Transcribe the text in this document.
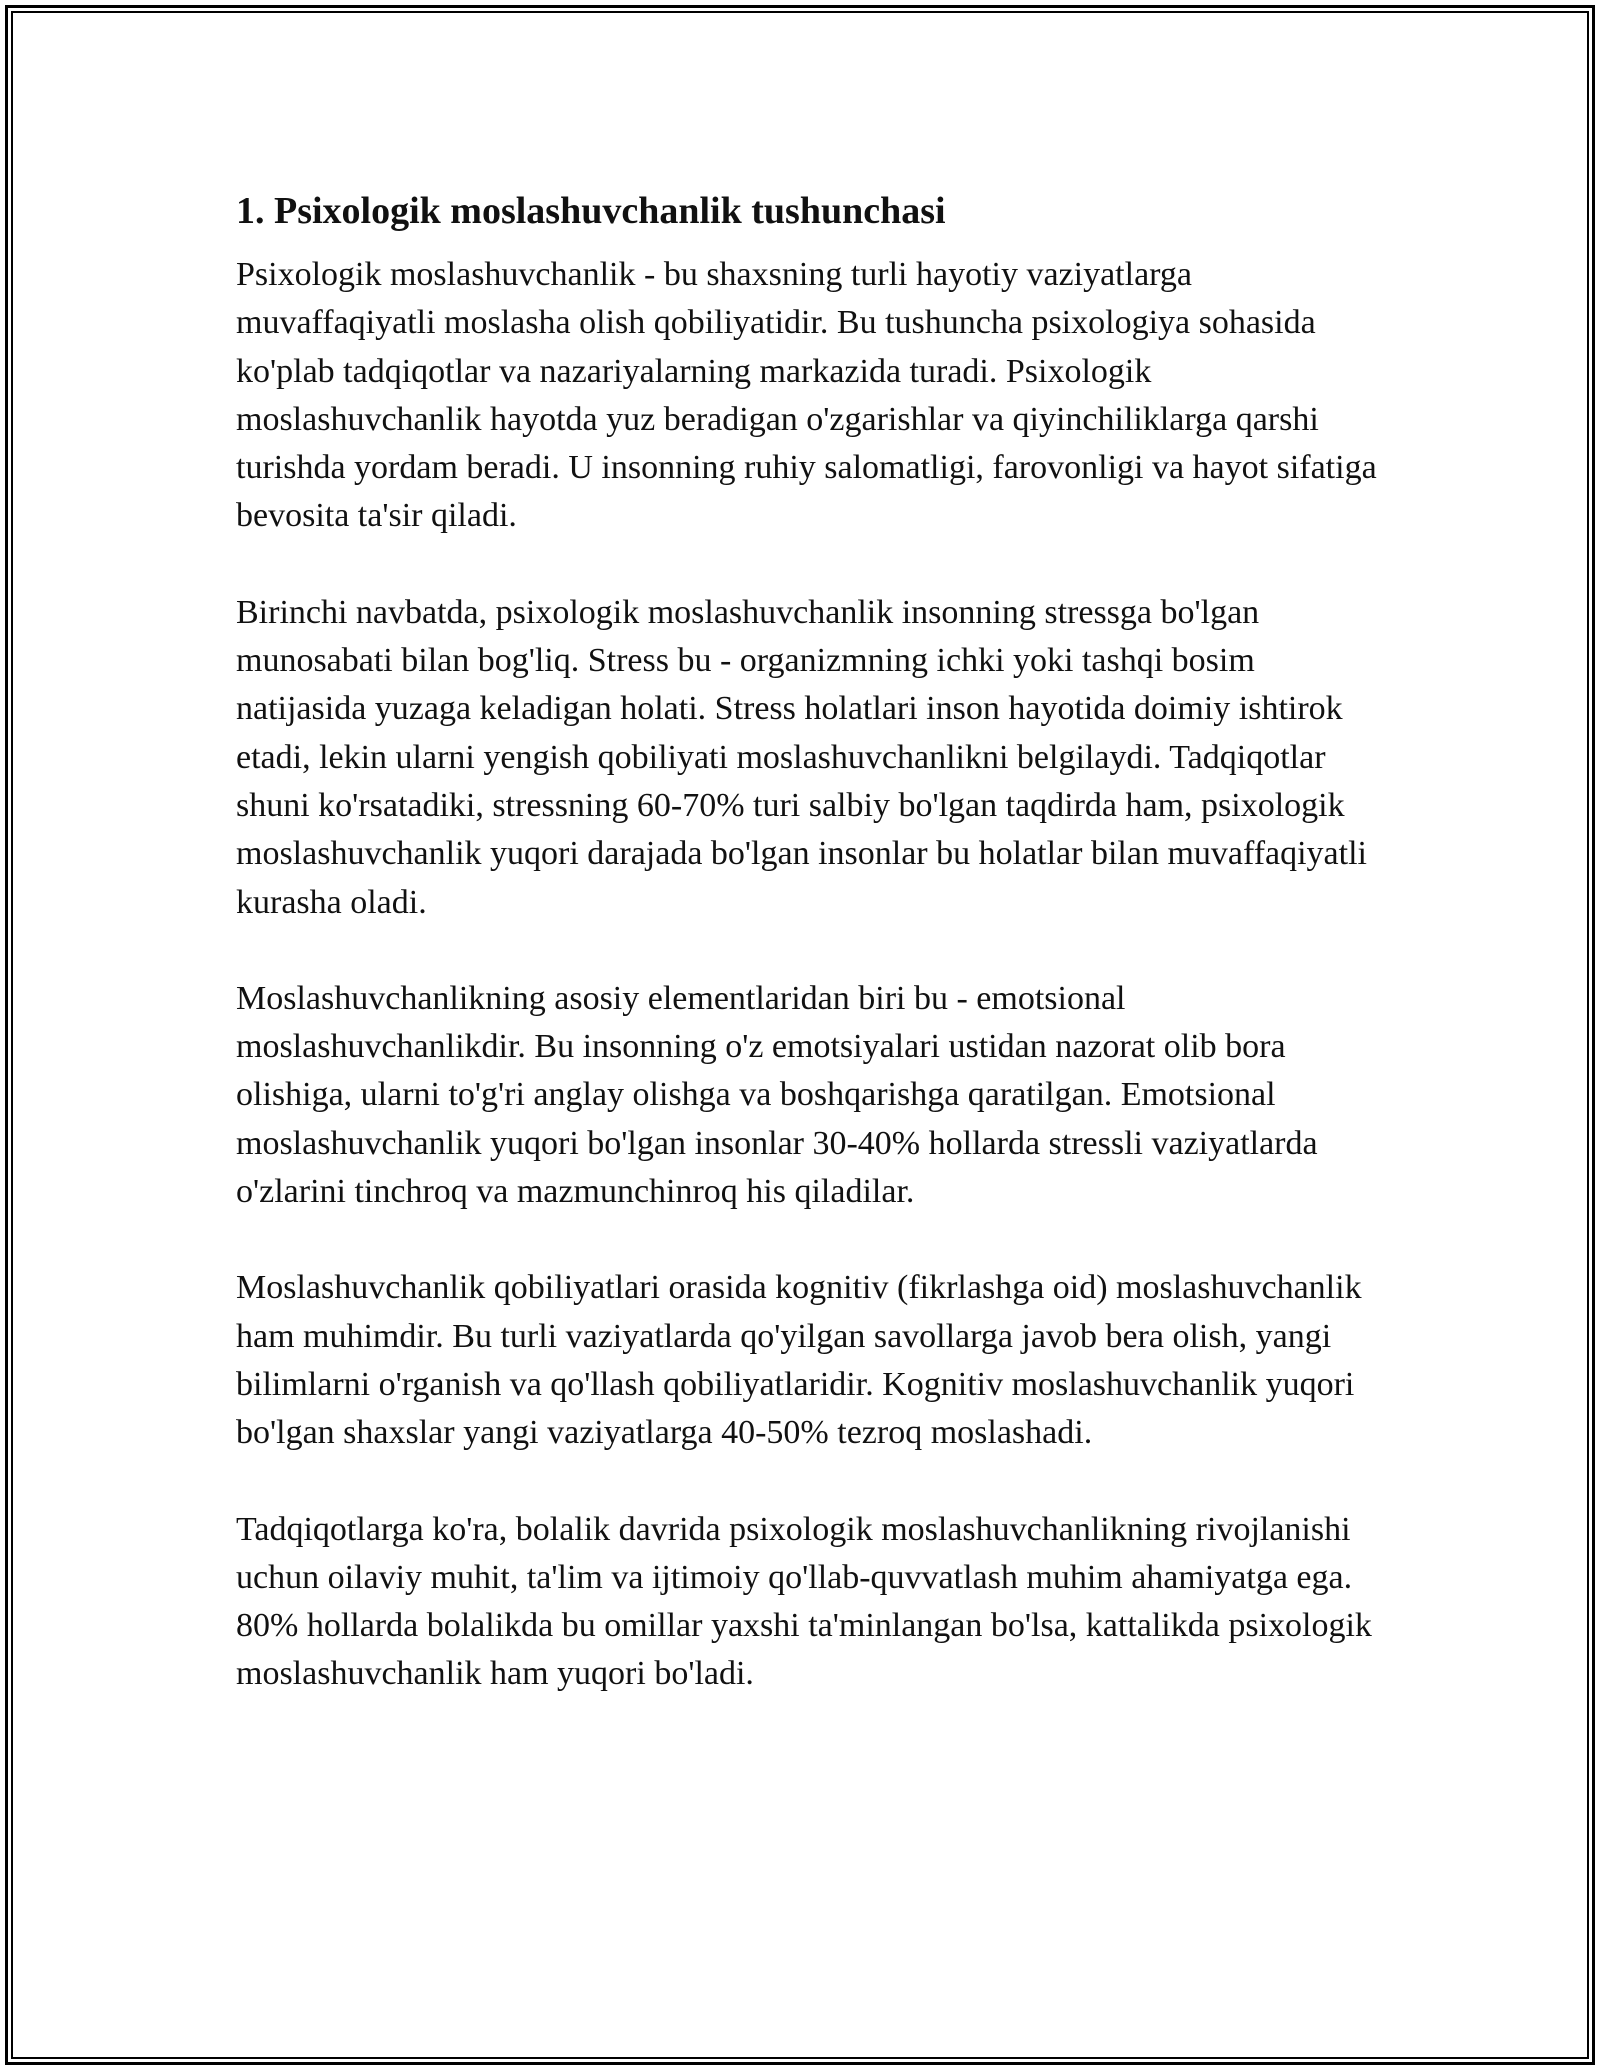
1. Psixologik moslashuvchanlik tushunchasi

Psixologik moslashuvchanlik - bu shaxsning turli hayotiy vaziyatlarga muvaffaqiyatli moslasha olish qobiliyatidir. Bu tushuncha psixologiya sohasida ko'plab tadqiqotlar va nazariyalarning markazida turadi. Psixologik moslashuvchanlik hayotda yuz beradigan o'zgarishlar va qiyinchiliklarga qarshi turishda yordam beradi. U insonning ruhiy salomatligi, farovonligi va hayot sifatiga bevosita ta'sir qiladi.

Birinchi navbatda, psixologik moslashuvchanlik insonning stressga bo'lgan munosabati bilan bog'liq. Stress bu - organizmning ichki yoki tashqi bosim natijasida yuzaga keladigan holati. Stress holatlari inson hayotida doimiy ishtirok etadi, lekin ularni yengish qobiliyati moslashuvchanlikni belgilaydi. Tadqiqotlar shuni ko'rsatadiki, stressning 60-70% turi salbiy bo'lgan taqdirda ham, psixologik moslashuvchanlik yuqori darajada bo'lgan insonlar bu holatlar bilan muvaffaqiyatli kurasha oladi.

Moslashuvchanlikning asosiy elementlaridan biri bu - emotsional moslashuvchanlikdir. Bu insonning o'z emotsiyalari ustidan nazorat olib bora olishiga, ularni to'g'ri anglay olishga va boshqarishga qaratilgan. Emotsional moslashuvchanlik yuqori bo'lgan insonlar 30-40% hollarda stressli vaziyatlarda o'zlarini tinchroq va mazmunchinroq his qiladilar.

Moslashuvchanlik qobiliyatlari orasida kognitiv (fikrlashga oid) moslashuvchanlik ham muhimdir. Bu turli vaziyatlarda qo'yilgan savollarga javob bera olish, yangi bilimlarni o'rganish va qo'llash qobiliyatlaridir. Kognitiv moslashuvchanlik yuqori bo'lgan shaxslar yangi vaziyatlarga 40-50% tezroq moslashadi.

Tadqiqotlarga ko'ra, bolalik davrida psixologik moslashuvchanlikning rivojlanishi uchun oilaviy muhit, ta'lim va ijtimoiy qo'llab-quvvatlash muhim ahamiyatga ega. 80% hollarda bolalikda bu omillar yaxshi ta'minlangan bo'lsa, kattalikda psixologik moslashuvchanlik ham yuqori bo'ladi.
